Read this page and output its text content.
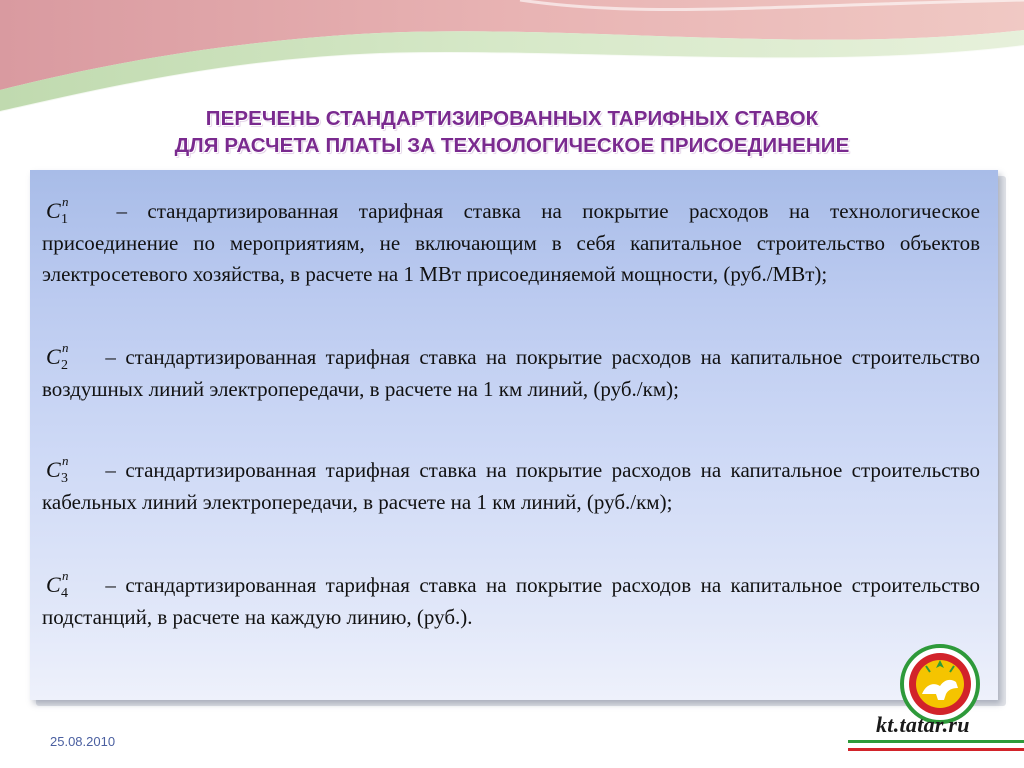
ПЕРЕЧЕНЬ СТАНДАРТИЗИРОВАННЫХ ТАРИФНЫХ СТАВОК
ДЛЯ РАСЧЕТА ПЛАТЫ ЗА ТЕХНОЛОГИЧЕСКОЕ ПРИСОЕДИНЕНИЕ
C п
1 – стандартизированная тарифная ставка на покрытие расходов на технологическое присоединение по мероприятиям, не включающим в себя капитальное строительство объектов электросетевого хозяйства, в расчете на 1 МВт присоединяемой мощности, (руб./МВт);
C п
2 – стандартизированная тарифная ставка на покрытие расходов на капитальное строительство воздушных линий электропередачи, в расчете на 1 км линий, (руб./км);
C п
3 – стандартизированная тарифная ставка на покрытие расходов на капитальное строительство кабельных линий электропередачи, в расчете на 1 км линий, (руб./км);
C п
4 – стандартизированная тарифная ставка на покрытие расходов на капитальное строительство подстанций, в расчете на каждую линию, (руб.).
25.08.2010
kt.tatar.ru
